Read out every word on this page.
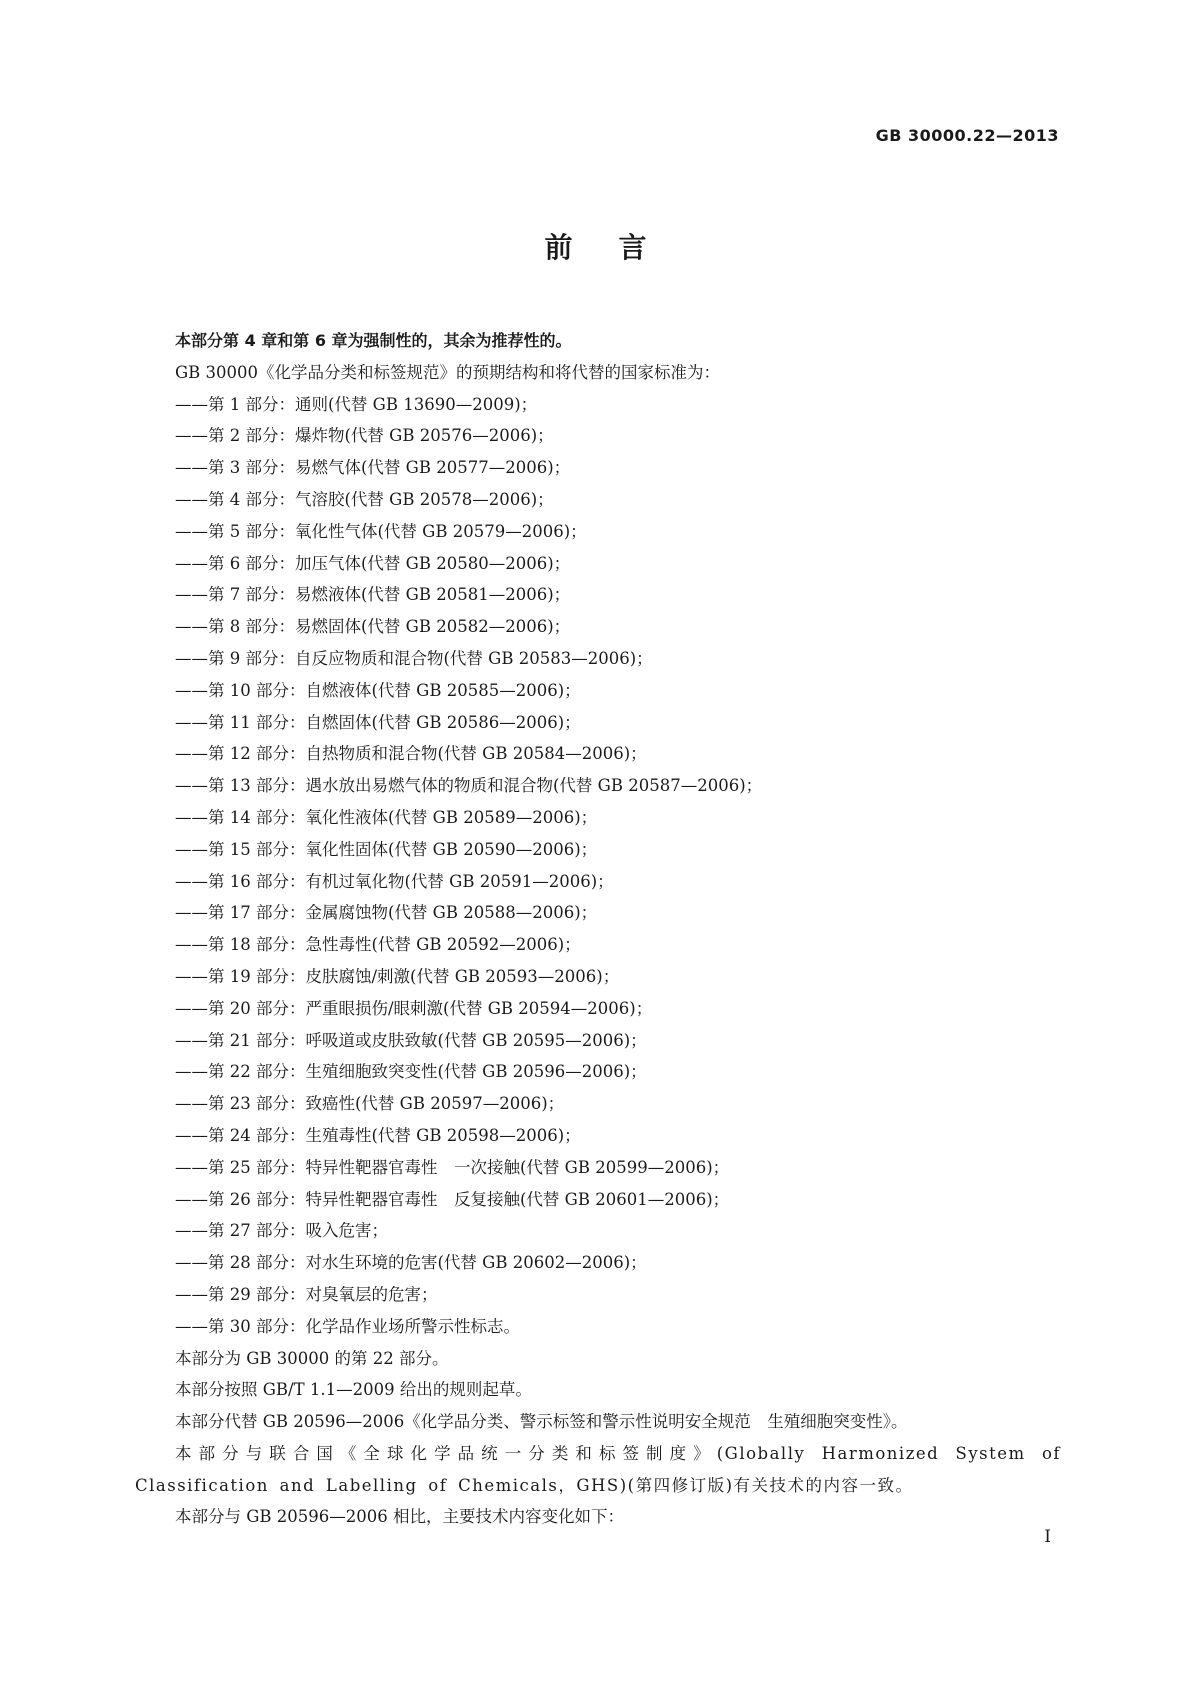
GB 30000.22—2013
前言
本部分第 4 章和第 6 章为强制性的，其余为推荐性的。
GB 30000《化学品分类和标签规范》的预期结构和将代替的国家标准为：
——第 1 部分：通则(代替 GB 13690—2009)；
——第 2 部分：爆炸物(代替 GB 20576—2006)；
——第 3 部分：易燃气体(代替 GB 20577—2006)；
——第 4 部分：气溶胶(代替 GB 20578—2006)；
——第 5 部分：氧化性气体(代替 GB 20579—2006)；
——第 6 部分：加压气体(代替 GB 20580—2006)；
——第 7 部分：易燃液体(代替 GB 20581—2006)；
——第 8 部分：易燃固体(代替 GB 20582—2006)；
——第 9 部分：自反应物质和混合物(代替 GB 20583—2006)；
——第 10 部分：自燃液体(代替 GB 20585—2006)；
——第 11 部分：自燃固体(代替 GB 20586—2006)；
——第 12 部分：自热物质和混合物(代替 GB 20584—2006)；
——第 13 部分：遇水放出易燃气体的物质和混合物(代替 GB 20587—2006)；
——第 14 部分：氧化性液体(代替 GB 20589—2006)；
——第 15 部分：氧化性固体(代替 GB 20590—2006)；
——第 16 部分：有机过氧化物(代替 GB 20591—2006)；
——第 17 部分：金属腐蚀物(代替 GB 20588—2006)；
——第 18 部分：急性毒性(代替 GB 20592—2006)；
——第 19 部分：皮肤腐蚀/刺激(代替 GB 20593—2006)；
——第 20 部分：严重眼损伤/眼刺激(代替 GB 20594—2006)；
——第 21 部分：呼吸道或皮肤致敏(代替 GB 20595—2006)；
——第 22 部分：生殖细胞致突变性(代替 GB 20596—2006)；
——第 23 部分：致癌性(代替 GB 20597—2006)；
——第 24 部分：生殖毒性(代替 GB 20598—2006)；
——第 25 部分：特异性靶器官毒性　一次接触(代替 GB 20599—2006)；
——第 26 部分：特异性靶器官毒性　反复接触(代替 GB 20601—2006)；
——第 27 部分：吸入危害；
——第 28 部分：对水生环境的危害(代替 GB 20602—2006)；
——第 29 部分：对臭氧层的危害；
——第 30 部分：化学品作业场所警示性标志。
本部分为 GB 30000 的第 22 部分。
本部分按照 GB/T 1.1—2009 给出的规则起草。
本部分代替 GB 20596—2006《化学品分类、警示标签和警示性说明安全规范　生殖细胞突变性》。
本部分与联合国《全球化学品统一分类和标签制度》(Globally Harmonized System of Classification and Labelling of Chemicals，GHS)(第四修订版)有关技术的内容一致。
本部分与 GB 20596—2006 相比，主要技术内容变化如下：
I
